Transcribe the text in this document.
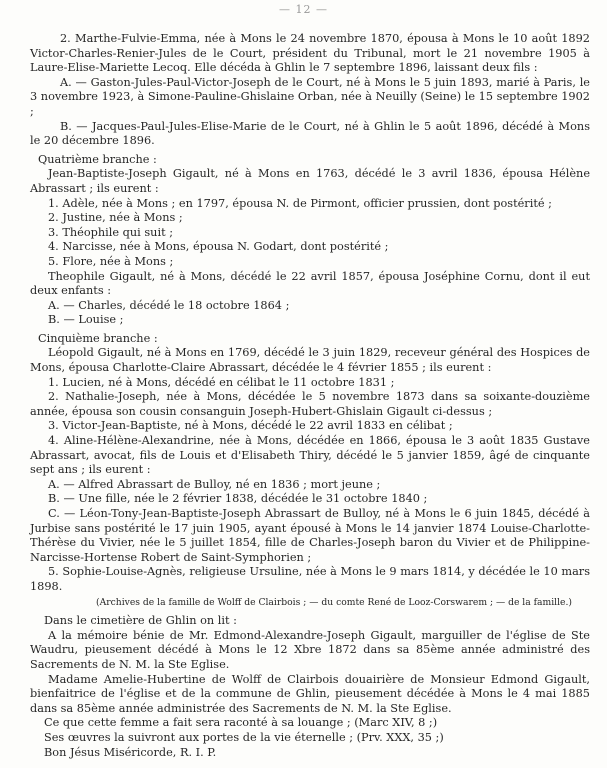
— 12 —

2. Marthe-Fulvie-Emma, née à Mons le 24 novembre 1870, épousa à Mons le 10 août 1892 Victor-Charles-Renier-Jules de le Court, président du Tribunal, mort le 21 novembre 1905 à Laure-Elise-Mariette Lecoq. Elle décéda à Ghlin le 7 septembre 1896, laissant deux fils :

A. — Gaston-Jules-Paul-Victor-Joseph de le Court, né à Mons le 5 juin 1893, marié à Paris, le 3 novembre 1923, à Simone-Pauline-Ghislaine Orban, née à Neuilly (Seine) le 15 septembre 1902 ;

B. — Jacques-Paul-Jules-Elise-Marie de le Court, né à Ghlin le 5 août 1896, décédé à Mons le 20 décembre 1896.

Quatrième branche :

Jean-Baptiste-Joseph Gigault, né à Mons en 1763, décédé le 3 avril 1836, épousa Hélène Abrassart ; ils eurent :

1. Adèle, née à Mons ; en 1797, épousa N. de Pirmont, officier prussien, dont postérité ;

2. Justine, née à Mons ;

3. Théophile qui suit ;

4. Narcisse, née à Mons, épousa N. Godart, dont postérité ;

5. Flore, née à Mons ;

Theophile Gigault, né à Mons, décédé le 22 avril 1857, épousa Joséphine Cornu, dont il eut deux enfants :

A. — Charles, décédé le 18 octobre 1864 ;

B. — Louise ;

Cinquième branche :

Léopold Gigault, né à Mons en 1769, décédé le 3 juin 1829, receveur général des Hospices de Mons, épousa Charlotte-Claire Abrassart, décédée le 4 février 1855 ; ils eurent :

1. Lucien, né à Mons, décédé en célibat le 11 octobre 1831 ;

2. Nathalie-Joseph, née à Mons, décédée le 5 novembre 1873 dans sa soixante-douzième année, épousa son cousin consanguin Joseph-Hubert-Ghislain Gigault ci-dessus ;

3. Victor-Jean-Baptiste, né à Mons, décédé le 22 avril 1833 en célibat ;

4. Aline-Hélène-Alexandrine, née à Mons, décédée en 1866, épousa le 3 août 1835 Gustave Abrassart, avocat, fils de Louis et d'Elisabeth Thiry, décédé le 5 janvier 1859, âgé de cinquante sept ans ; ils eurent :

A. — Alfred Abrassart de Bulloy, né en 1836 ; mort jeune ;

B. — Une fille, née le 2 février 1838, décédée le 31 octobre 1840 ;

C. — Léon-Tony-Jean-Baptiste-Joseph Abrassart de Bulloy, né à Mons le 6 juin 1845, décédé à Jurbise sans postérité le 17 juin 1905, ayant épousé à Mons le 14 janvier 1874 Louise-Charlotte-Thérèse du Vivier, née le 5 juillet 1854, fille de Charles-Joseph baron du Vivier et de Philippine-Narcisse-Hortense Robert de Saint-Symphorien ;

5. Sophie-Louise-Agnès, religieuse Ursuline, née à Mons le 9 mars 1814, y décédée le 10 mars 1898.

(Archives de la famille de Wolff de Clairbois ; — du comte René de Looz-Corswarem ; — de la famille.)

Dans le cimetière de Ghlin on lit :

A la mémoire bénie de Mr. Edmond-Alexandre-Joseph Gigault, marguiller de l'église de Ste Waudru, pieusement décédé à Mons le 12 Xbre 1872 dans sa 85ème année administré des Sacrements de N. M. la Ste Eglise.

Madame Amelie-Hubertine de Wolff de Clairbois douairière de Monsieur Edmond Gigault, bienfaitrice de l'église et de la commune de Ghlin, pieusement décédée à Mons le 4 mai 1885 dans sa 85ème année administrée des Sacrements de N. M. la Ste Eglise.

Ce que cette femme a fait sera raconté à sa louange ; (Marc XIV, 8 ;)

Ses œuvres la suivront aux portes de la vie éternelle ; (Prv. XXX, 35 ;)

Bon Jésus Miséricorde, R. I. P.
